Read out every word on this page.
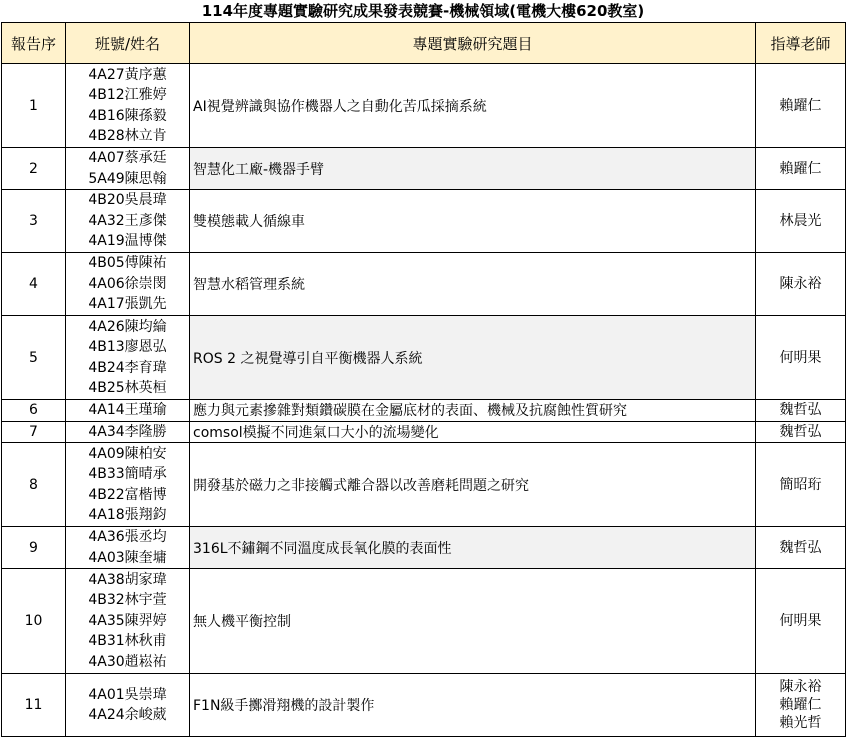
114年度專題實驗研究成果發表競賽-機械領域(電機大樓620教室)
報告序	班號/姓名	專題實驗研究題目	指導老師
1	4A27黃序蕙
4B12江雅婷
4B16陳孫毅
4B28林立肯	AI視覺辨識與協作機器人之自動化苦瓜採摘系統	賴躍仁

2	4A07蔡承廷
5A49陳思翰	智慧化工廠-機器手臂	賴躍仁

3	4B20吳晨瑋
4A32王彥傑
4A19温博傑	雙模態載人循線車	林晨光

4	4B05傅陳祐
4A06徐崇閔
4A17張凱先	智慧水稻管理系統	陳永裕

5	4A26陳均綸
4B13廖恩弘
4B24李育瑋
4B25林英桓	ROS 2 之視覺導引自平衡機器人系統	何明果

6	4A14王瑾瑜	應力與元素摻雜對類鑽碳膜在金屬底材的表面、機械及抗腐蝕性質研究	魏哲弘

7	4A34李隆勝	comsol模擬不同進氣口大小的流場變化	魏哲弘

8	4A09陳柏安
4B33簡晴承
4B22富楷博
4A18張翔鈞	開發基於磁力之非接觸式離合器以改善磨耗問題之研究	簡昭珩

9	4A36張丞均
4A03陳奎墉	316L不鏽鋼不同溫度成長氧化膜的表面性	魏哲弘

10	4A38胡家瑋
4B32林宇萱
4A35陳羿婷
4B31林秋甫
4A30趙崧祐	無人機平衡控制	何明果

11	4A01吳崇瑋
4A24余峻葳	F1N級手擲滑翔機的設計製作	陳永裕
賴躍仁
賴光哲
